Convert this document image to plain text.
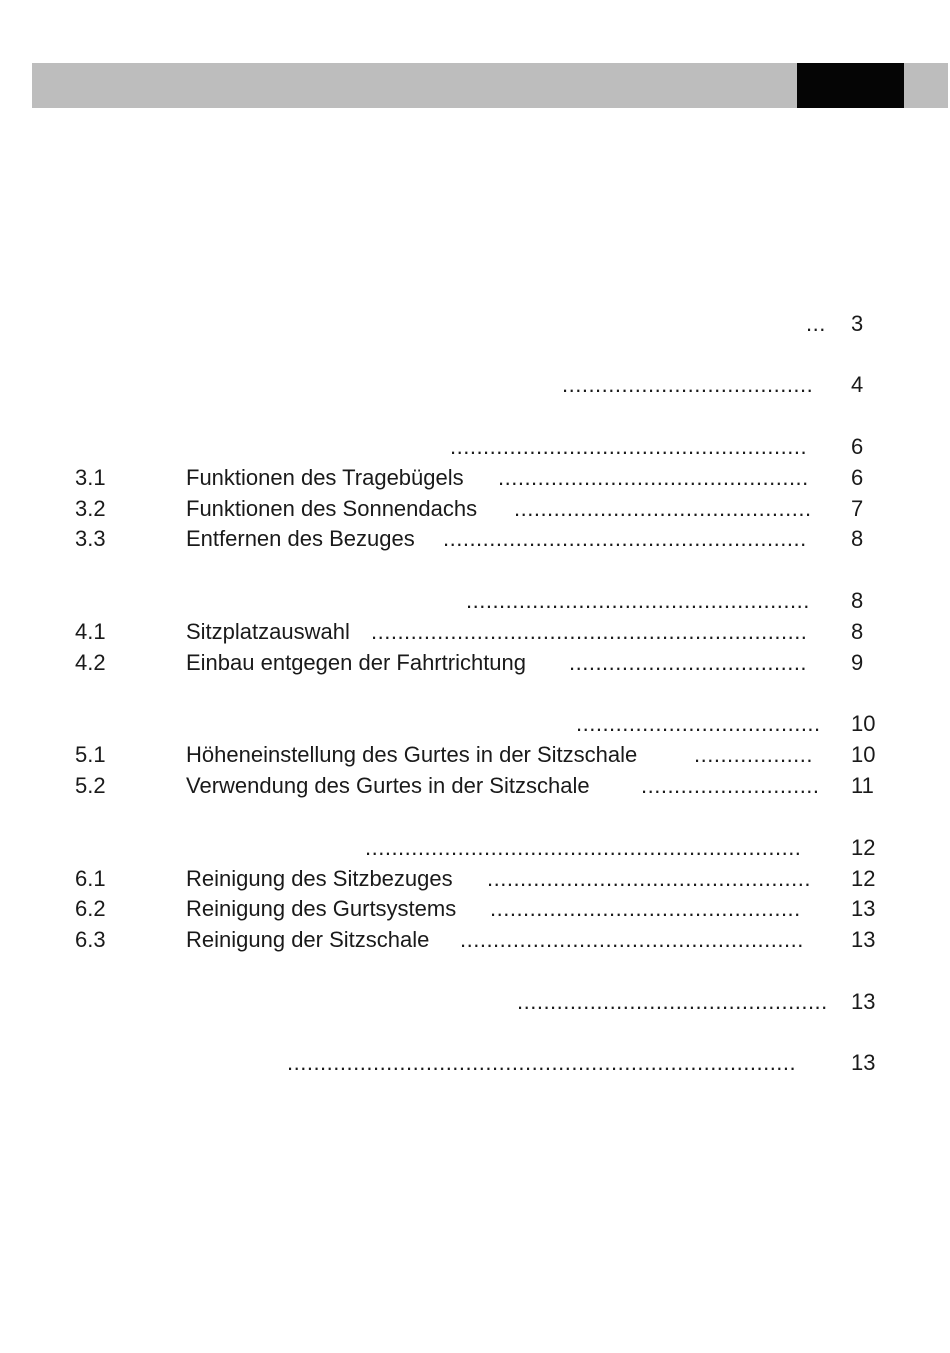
... 3
...................................... 4
...................................................... 6
3.1	Funktionen des Tragebügels ............................................... 6
3.2	Funktionen des Sonnendachs ............................................. 7
3.3	Entfernen des Bezuges ....................................................... 8
.................................................... 8
4.1	Sitzplatzauswahl .................................................................. 8
4.2	Einbau entgegen der Fahrtrichtung .................................... 9
..................................... 10
5.1	Höheneinstellung des Gurtes in der Sitzschale	.................. 10
5.2	Verwendung des Gurtes in der Sitzschale ........................... 11
.................................................................. 12
6.1	Reinigung des Sitzbezuges ................................................. 12
6.2	Reinigung des Gurtsystems ............................................... 13
6.3	Reinigung der Sitzschale .................................................... 13
............................................... 13
............................................................................. 13
